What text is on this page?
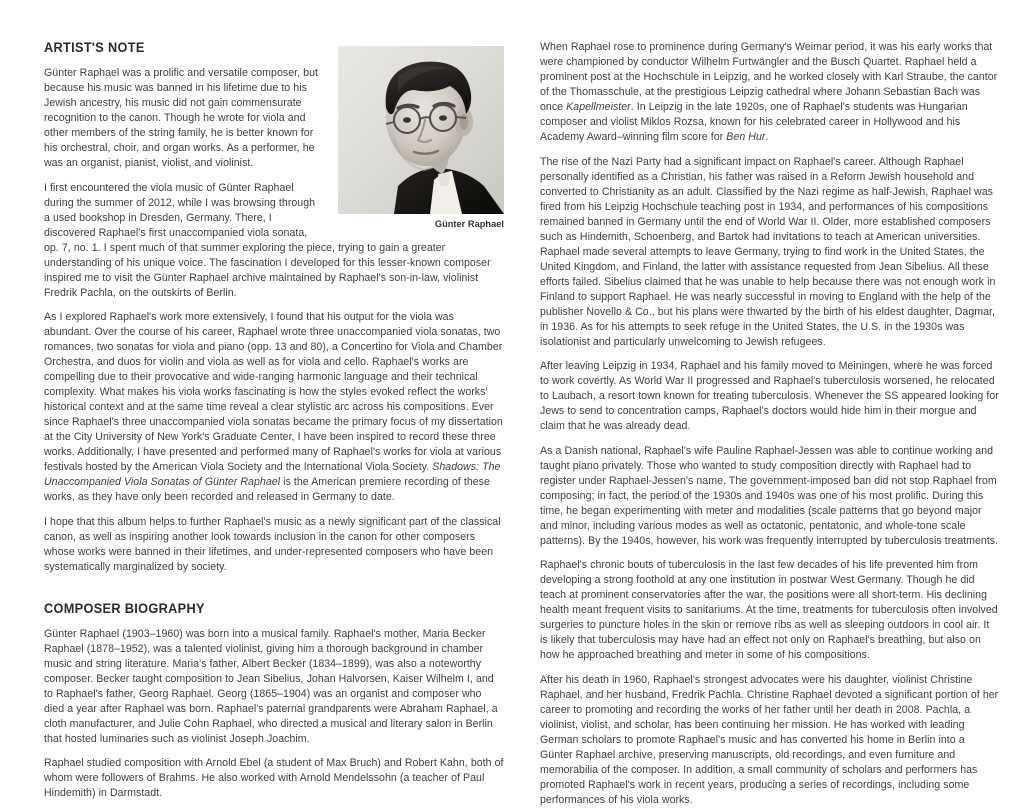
Günter Raphael
ARTIST'S NOTE

Günter Raphael was a prolific and versatile composer, but because his music was banned in his lifetime due to his Jewish ancestry, his music did not gain commensurate recognition to the canon. Though he wrote for viola and other members of the string family, he is better known for his orchestral, choir, and organ works. As a performer, he was an organist, pianist, violist, and violinist.

I first encountered the viola music of Günter Raphael during the summer of 2012, while I was browsing through a used bookshop in Dresden, Germany. There, I discovered Raphael's first unaccompanied viola sonata, op. 7, no. 1. I spent much of that summer exploring the piece, trying to gain a greater understanding of his unique voice. The fascination I developed for this lesser-known composer inspired me to visit the Günter Raphael archive maintained by Raphael's son-in-law, violinist Fredrik Pachla, on the outskirts of Berlin.

As I explored Raphael's work more extensively, I found that his output for the viola was abundant. Over the course of his career, Raphael wrote three unaccompanied viola sonatas, two romances, two sonatas for viola and piano (opp. 13 and 80), a Concertino for Viola and Chamber Orchestra, and duos for violin and viola as well as for viola and cello. Raphael's works are compelling due to their provocative and wide-ranging harmonic language and their technical complexity. What makes his viola works fascinating is how the styles evoked reflect the works' historical context and at the same time reveal a clear stylistic arc across his compositions. Ever since Raphael's three unaccompanied viola sonatas became the primary focus of my dissertation at the City University of New York's Graduate Center, I have been inspired to record these three works. Additionally, I have presented and performed many of Raphael's works for viola at various festivals hosted by the American Viola Society and the International Viola Society. Shadows: The Unaccompanied Viola Sonatas of Günter Raphael is the American premiere recording of these works, as they have only been recorded and released in Germany to date.

I hope that this album helps to further Raphael's music as a newly significant part of the classical canon, as well as inspiring another look towards inclusion in the canon for other composers whose works were banned in their lifetimes, and under-represented composers who have been systematically marginalized by society.

COMPOSER BIOGRAPHY

Günter Raphael (1903–1960) was born into a musical family. Raphael's mother, Maria Becker Raphael (1878–1952), was a talented violinist, giving him a thorough background in chamber music and string literature. Maria's father, Albert Becker (1834–1899), was also a noteworthy composer. Becker taught composition to Jean Sibelius, Johan Halvorsen, Kaiser Wilhelm I, and to Raphael's father, Georg Raphael. Georg (1865–1904) was an organist and composer who died a year after Raphael was born. Raphael's paternal grandparents were Abraham Raphael, a cloth manufacturer, and Julie Cohn Raphael, who directed a musical and literary salon in Berlin that hosted luminaries such as violinist Joseph Joachim.

Raphael studied composition with Arnold Ebel (a student of Max Bruch) and Robert Kahn, both of whom were followers of Brahms. He also worked with Arnold Mendelssohn (a teacher of Paul Hindemith) in Darmstadt.

When Raphael rose to prominence during Germany's Weimar period, it was his early works that were championed by conductor Wilhelm Furtwängler and the Busch Quartet. Raphael held a prominent post at the Hochschule in Leipzig, and he worked closely with Karl Straube, the cantor of the Thomasschule, at the prestigious Leipzig cathedral where Johann Sebastian Bach was once Kapellmeister. In Leipzig in the late 1920s, one of Raphael's students was Hungarian composer and violist Miklos Rozsa, known for his celebrated career in Hollywood and his Academy Award–winning film score for Ben Hur.

The rise of the Nazi Party had a significant impact on Raphael's career. Although Raphael personally identified as a Christian, his father was raised in a Reform Jewish household and converted to Christianity as an adult. Classified by the Nazi regime as half-Jewish, Raphael was fired from his Leipzig Hochschule teaching post in 1934, and performances of his compositions remained banned in Germany until the end of World War II. Older, more established composers such as Hindemith, Schoenberg, and Bartok had invitations to teach at American universities. Raphael made several attempts to leave Germany, trying to find work in the United States, the United Kingdom, and Finland, the latter with assistance requested from Jean Sibelius. All these efforts failed. Sibelius claimed that he was unable to help because there was not enough work in Finland to support Raphael. He was nearly successful in moving to England with the help of the publisher Novello & Co., but his plans were thwarted by the birth of his eldest daughter, Dagmar, in 1936. As for his attempts to seek refuge in the United States, the U.S. in the 1930s was isolationist and particularly unwelcoming to Jewish refugees.

After leaving Leipzig in 1934, Raphael and his family moved to Meiningen, where he was forced to work covertly. As World War II progressed and Raphael's tuberculosis worsened, he relocated to Laubach, a resort town known for treating tuberculosis. Whenever the SS appeared looking for Jews to send to concentration camps, Raphael's doctors would hide him in their morgue and claim that he was already dead.

As a Danish national, Raphael's wife Pauline Raphael-Jessen was able to continue working and taught piano privately. Those who wanted to study composition directly with Raphael had to register under Raphael-Jessen's name. The government-imposed ban did not stop Raphael from composing; in fact, the period of the 1930s and 1940s was one of his most prolific. During this time, he began experimenting with meter and modalities (scale patterns that go beyond major and minor, including various modes as well as octatonic, pentatonic, and whole-tone scale patterns). By the 1940s, however, his work was frequently interrupted by tuberculosis treatments.

Raphael's chronic bouts of tuberculosis in the last few decades of his life prevented him from developing a strong foothold at any one institution in postwar West Germany. Though he did teach at prominent conservatories after the war, the positions were all short-term. His declining health meant frequent visits to sanitariums. At the time, treatments for tuberculosis often involved surgeries to puncture holes in the skin or remove ribs as well as sleeping outdoors in cool air. It is likely that tuberculosis may have had an effect not only on Raphael's breathing, but also on how he approached breathing and meter in some of his compositions.

After his death in 1960, Raphael's strongest advocates were his daughter, violinist Christine Raphael, and her husband, Fredrik Pachla. Christine Raphael devoted a significant portion of her career to promoting and recording the works of her father until her death in 2008. Pachla, a violinist, violist, and scholar, has been continuing her mission. He has worked with leading German scholars to promote Raphael's music and has converted his home in Berlin into a Günter Raphael archive, preserving manuscripts, old recordings, and even furniture and memorabilia of the composer. In addition, a small community of scholars and performers has promoted Raphael's work in recent years, producing a series of recordings, including some performances of his viola works.
